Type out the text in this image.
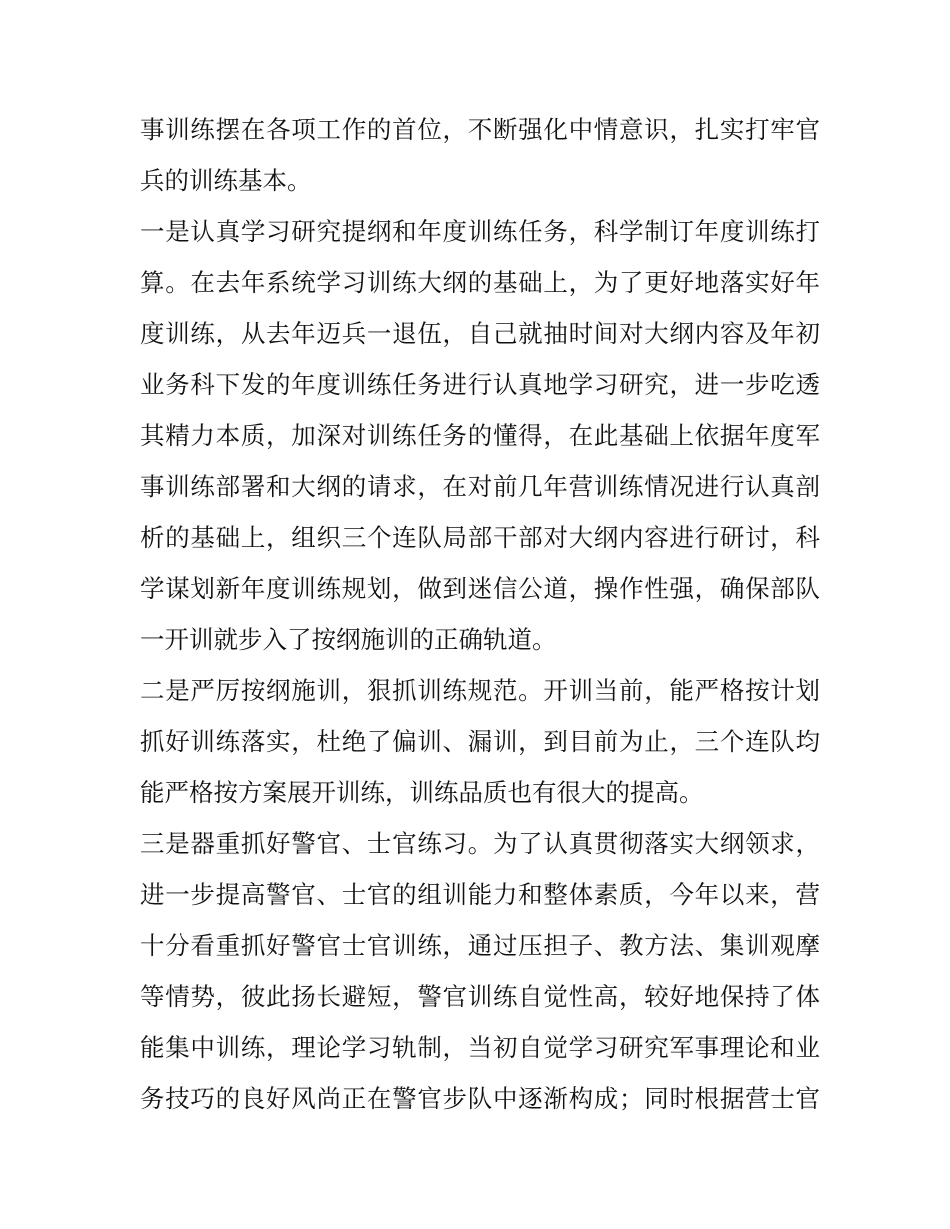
事训练摆在各项工作的首位，不断强化中情意识，扎实打牢官
兵的训练基本。
一是认真学习研究提纲和年度训练任务，科学制订年度训练打
算。在去年系统学习训练大纲的基础上，为了更好地落实好年
度训练，从去年迈兵一退伍，自己就抽时间对大纲内容及年初
业务科下发的年度训练任务进行认真地学习研究，进一步吃透
其精力本质，加深对训练任务的懂得，在此基础上依据年度军
事训练部署和大纲的请求，在对前几年营训练情况进行认真剖
析的基础上，组织三个连队局部干部对大纲内容进行研讨，科
学谋划新年度训练规划，做到迷信公道，操作性强，确保部队
一开训就步入了按纲施训的正确轨道。
二是严厉按纲施训，狠抓训练规范。开训当前，能严格按计划
抓好训练落实，杜绝了偏训、漏训，到目前为止，三个连队均
能严格按方案展开训练，训练品质也有很大的提高。
三是器重抓好警官、士官练习。为了认真贯彻落实大纲领求，
进一步提高警官、士官的组训能力和整体素质，今年以来，营
十分看重抓好警官士官训练，通过压担子、教方法、集训观摩
等情势，彼此扬长避短，警官训练自觉性高，较好地保持了体
能集中训练，理论学习轨制，当初自觉学习研究军事理论和业
务技巧的良好风尚正在警官步队中逐渐构成；同时根据营士官
